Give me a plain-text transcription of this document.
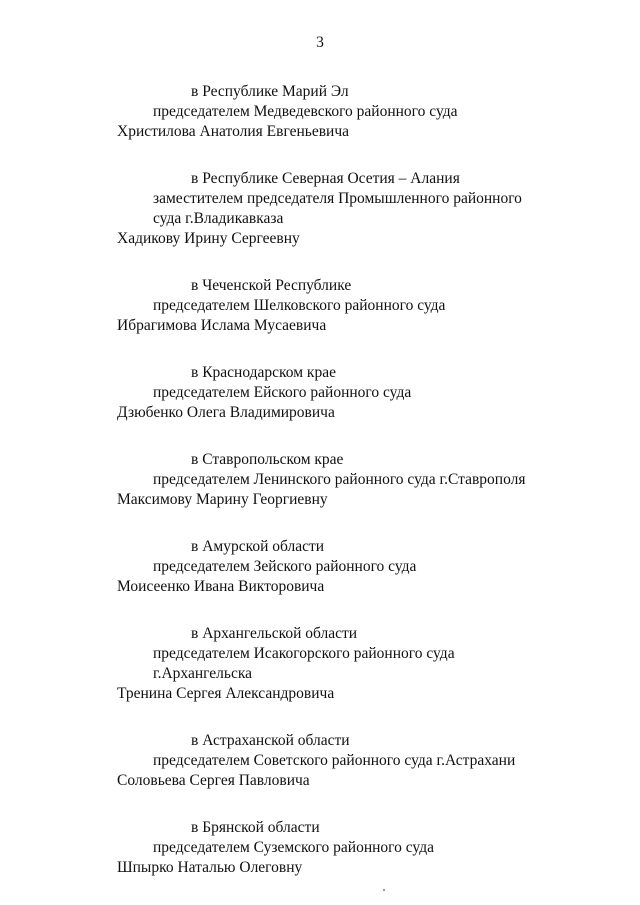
3
в Республике Марий Эл
председателем Медведевского районного суда
Христилова Анатолия Евгеньевича
в Республике Северная Осетия – Алания
заместителем председателя Промышленного районного
суда г.Владикавказа
Хадикову Ирину Сергеевну
в Чеченской Республике
председателем Шелковского районного суда
Ибрагимова Ислама Мусаевича
в Краснодарском крае
председателем Ейского районного суда
Дзюбенко Олега Владимировича
в Ставропольском крае
председателем Ленинского районного суда г.Ставрополя
Максимову Марину Георгиевну
в Амурской области
председателем Зейского районного суда
Моисеенко Ивана Викторовича
в Архангельской области
председателем Исакогорского районного суда
г.Архангельска
Тренина Сергея Александровича
в Астраханской области
председателем Советского районного суда г.Астрахани
Соловьева Сергея Павловича
в Брянской области
председателем Суземского районного суда
Шпырко Наталью Олеговну
